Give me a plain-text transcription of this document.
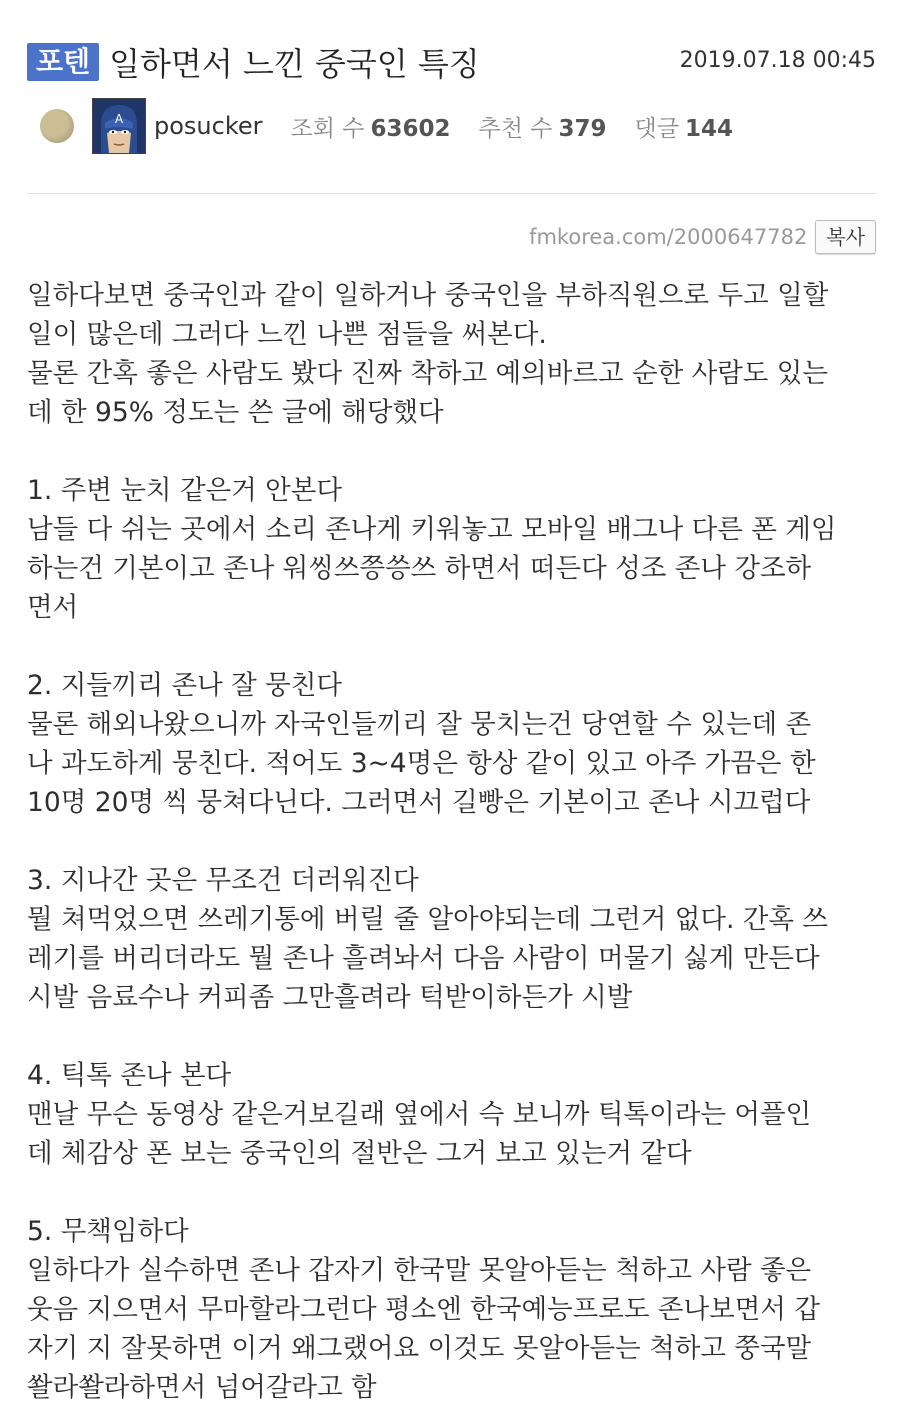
포텐 일하면서 느낀 중국인 특징	2019.07.18 00:45
A posucker 조회 수 63602 추천 수 379 댓글 144
fmkorea.com/2000647782 복사

일하다보면 중국인과 같이 일하거나 중국인을 부하직원으로 두고 일할

일이 많은데 그러다 느낀 나쁜 점들을 써본다.

물론 간혹 좋은 사람도 봤다 진짜 착하고 예의바르고 순한 사람도 있는

데 한 95% 정도는 쓴 글에 해당했다

1. 주변 눈치 같은거 안본다

남들 다 쉬는 곳에서 소리 존나게 키워놓고 모바일 배그나 다른 폰 게임

하는건 기본이고 존나 워씽쓰쯩씅쓰 하면서 떠든다 성조 존나 강조하

면서

2. 지들끼리 존나 잘 뭉친다

물론 해외나왔으니까 자국인들끼리 잘 뭉치는건 당연할 수 있는데 존

나 과도하게 뭉친다. 적어도 3~4명은 항상 같이 있고 아주 가끔은 한

10명 20명 씩 뭉쳐다닌다. 그러면서 길빵은 기본이고 존나 시끄럽다

3. 지나간 곳은 무조건 더러워진다

뭘 쳐먹었으면 쓰레기통에 버릴 줄 알아야되는데 그런거 없다. 간혹 쓰

레기를 버리더라도 뭘 존나 흘려놔서 다음 사람이 머물기 싫게 만든다

시발 음료수나 커피좀 그만흘려라 턱받이하든가 시발

4. 틱톡 존나 본다

맨날 무슨 동영상 같은거보길래 옆에서 슥 보니까 틱톡이라는 어플인

데 체감상 폰 보는 중국인의 절반은 그거 보고 있는거 같다

5. 무책임하다

일하다가 실수하면 존나 갑자기 한국말 못알아듣는 척하고 사람 좋은

웃음 지으면서 무마할라그런다 평소엔 한국예능프로도 존나보면서 갑

자기 지 잘못하면 이거 왜그랬어요 이것도 못알아듣는 척하고 쭝국말

쏼라쏼라하면서 넘어갈라고 함
